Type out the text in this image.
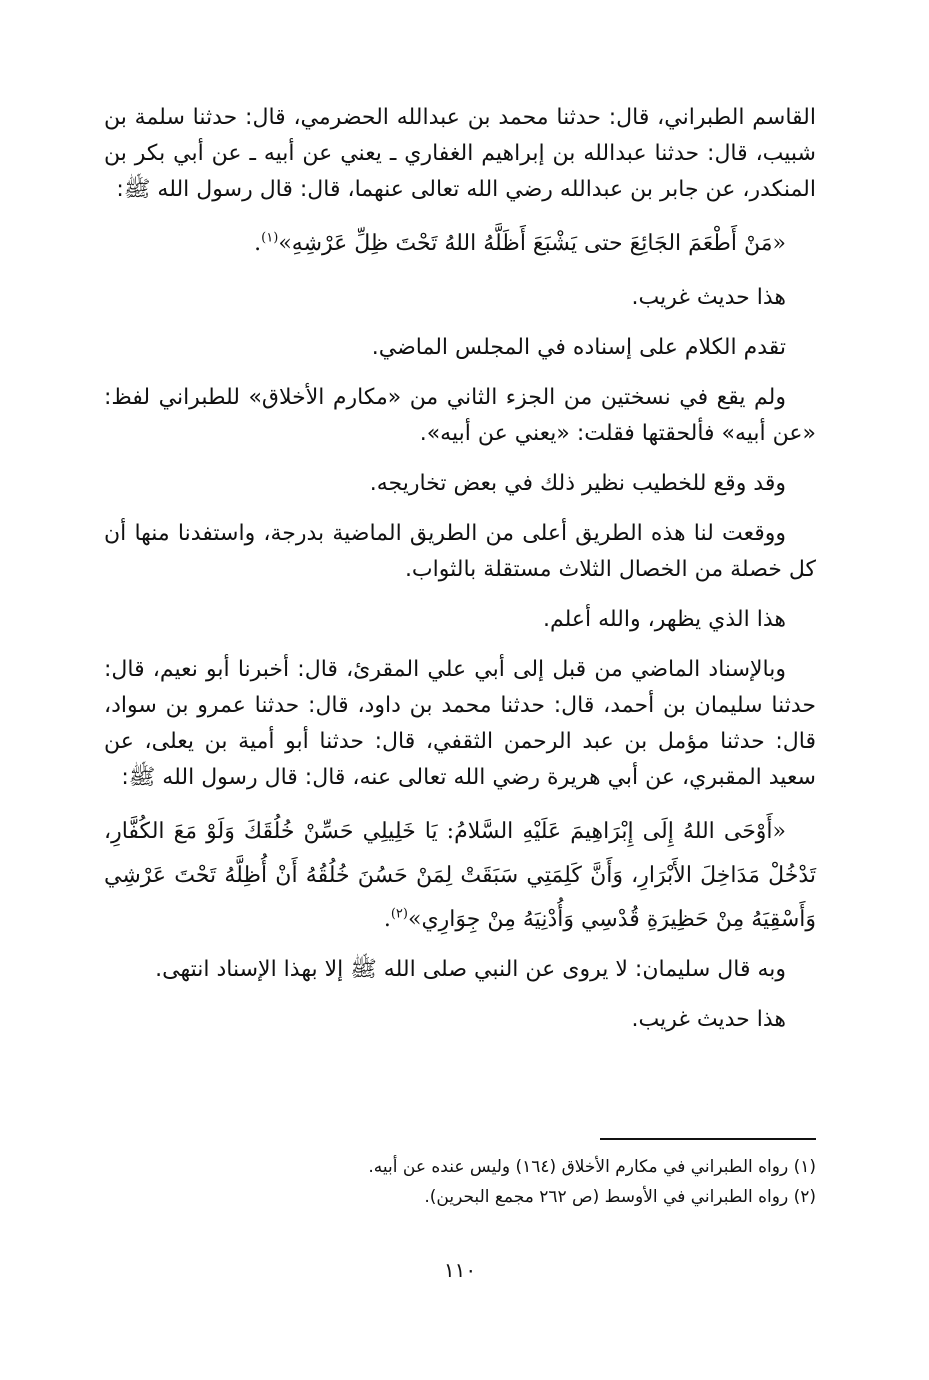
القاسم الطبراني، قال: حدثنا محمد بن عبدالله الحضرمي، قال: حدثنا سلمة بن شبيب، قال: حدثنا عبدالله بن إبراهيم الغفاري ـ يعني عن أبيه ـ عن أبي بكر بن المنكدر، عن جابر بن عبدالله رضي الله تعالى عنهما، قال: قال رسول الله ﷺ:

«مَنْ أَطْعَمَ الجَائِعَ حتى يَشْبَعَ أَظَلَّهُ اللهُ تَحْتَ ظِلِّ عَرْشِهِ»$^{(١)}$.

هذا حديث غريب.

تقدم الكلام على إسناده في المجلس الماضي.

ولم يقع في نسختين من الجزء الثاني من «مكارم الأخلاق» للطبراني لفظ: «عن أبيه» فألحقتها فقلت: «يعني عن أبيه».

وقد وقع للخطيب نظير ذلك في بعض تخاريجه.

ووقعت لنا هذه الطريق أعلى من الطريق الماضية بدرجة، واستفدنا منها أن كل خصلة من الخصال الثلاث مستقلة بالثواب.

هذا الذي يظهر، والله أعلم.

وبالإسناد الماضي من قبل إلى أبي علي المقرئ، قال: أخبرنا أبو نعيم، قال: حدثنا سليمان بن أحمد، قال: حدثنا محمد بن داود، قال: حدثنا عمرو بن سواد، قال: حدثنا مؤمل بن عبد الرحمن الثقفي، قال: حدثنا أبو أمية بن يعلى، عن سعيد المقبري، عن أبي هريرة رضي الله تعالى عنه، قال: قال رسول الله ﷺ:

«أَوْحَى اللهُ إِلَى إِبْرَاهِيمَ عَلَيْهِ السَّلامُ: يَا خَلِيلِي حَسِّنْ خُلُقَكَ وَلَوْ مَعَ الكُفَّارِ، تَدْخُلْ مَدَاخِلَ الأَبْرَارِ، وَأَنَّ كَلِمَتِي سَبَقَتْ لِمَنْ حَسُنَ خُلُقُهُ أَنْ أُظِلَّهُ تَحْتَ عَرْشِي وَأَسْقِيَهُ مِنْ حَظِيرَةِ قُدْسِي وَأُدْنِيَهُ مِنْ جِوَارِي»$^{(٢)}$.

وبه قال سليمان: لا يروى عن النبي صلى الله ﷺ إلا بهذا الإسناد انتهى.

هذا حديث غريب.

(١) رواه الطبراني في مكارم الأخلاق (١٦٤) وليس عنده عن أبيه.

(٢) رواه الطبراني في الأوسط (ص ٢٦٢ مجمع البحرين).

١١٠
